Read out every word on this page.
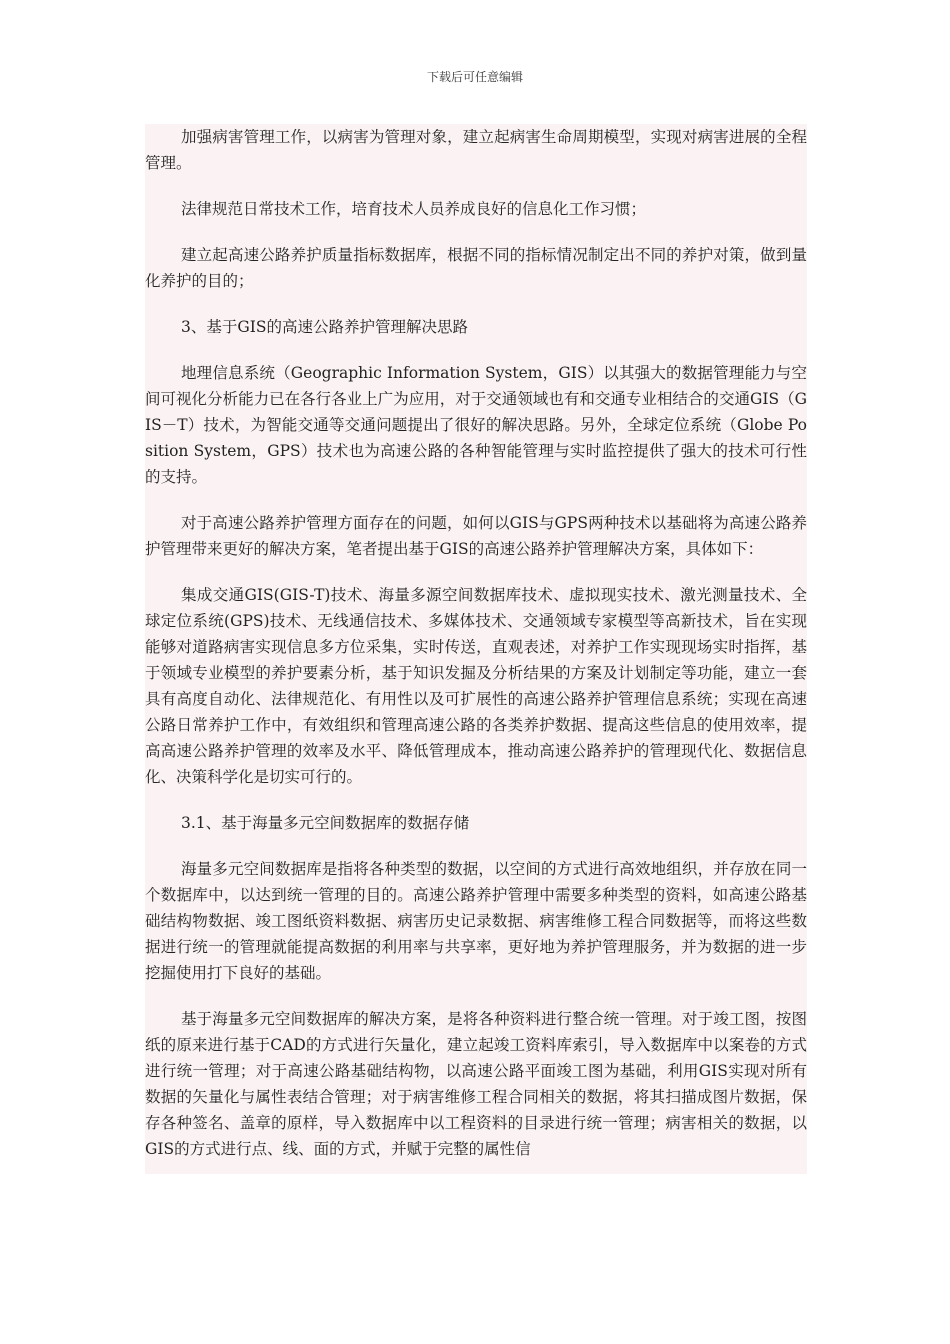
下载后可任意编辑

加强病害管理工作，以病害为管理对象，建立起病害生命周期模型，实现对病害进展的全程管理。

法律规范日常技术工作，培育技术人员养成良好的信息化工作习惯；

建立起高速公路养护质量指标数据库，根据不同的指标情况制定出不同的养护对策，做到量化养护的目的；

3、基于GIS的高速公路养护管理解决思路

地理信息系统（Geographic Information System，GIS）以其强大的数据管理能力与空间可视化分析能力已在各行各业上广为应用，对于交通领域也有和交通专业相结合的交通GIS（GIS－T）技术，为智能交通等交通问题提出了很好的解决思路。另外，全球定位系统（Globe Position System，GPS）技术也为高速公路的各种智能管理与实时监控提供了强大的技术可行性的支持。

对于高速公路养护管理方面存在的问题，如何以GIS与GPS两种技术以基础将为高速公路养护管理带来更好的解决方案，笔者提出基于GIS的高速公路养护管理解决方案，具体如下：

集成交通GIS(GIS-T)技术、海量多源空间数据库技术、虚拟现实技术、激光测量技术、全球定位系统(GPS)技术、无线通信技术、多媒体技术、交通领域专家模型等高新技术，旨在实现能够对道路病害实现信息多方位采集，实时传送，直观表述，对养护工作实现现场实时指挥，基于领域专业模型的养护要素分析，基于知识发掘及分析结果的方案及计划制定等功能，建立一套具有高度自动化、法律规范化、有用性以及可扩展性的高速公路养护管理信息系统；实现在高速公路日常养护工作中，有效组织和管理高速公路的各类养护数据、提高这些信息的使用效率，提高高速公路养护管理的效率及水平、降低管理成本，推动高速公路养护的管理现代化、数据信息化、决策科学化是切实可行的。

3.1、基于海量多元空间数据库的数据存储

海量多元空间数据库是指将各种类型的数据，以空间的方式进行高效地组织，并存放在同一个数据库中，以达到统一管理的目的。高速公路养护管理中需要多种类型的资料，如高速公路基础结构物数据、竣工图纸资料数据、病害历史记录数据、病害维修工程合同数据等，而将这些数据进行统一的管理就能提高数据的利用率与共享率，更好地为养护管理服务，并为数据的进一步挖掘使用打下良好的基础。

基于海量多元空间数据库的解决方案，是将各种资料进行整合统一管理。对于竣工图，按图纸的原来进行基于CAD的方式进行矢量化，建立起竣工资料库索引，导入数据库中以案卷的方式进行统一管理；对于高速公路基础结构物，以高速公路平面竣工图为基础，利用GIS实现对所有数据的矢量化与属性表结合管理；对于病害维修工程合同相关的数据，将其扫描成图片数据，保存各种签名、盖章的原样，导入数据库中以工程资料的目录进行统一管理；病害相关的数据，以GIS的方式进行点、线、面的方式，并赋于完整的属性信
